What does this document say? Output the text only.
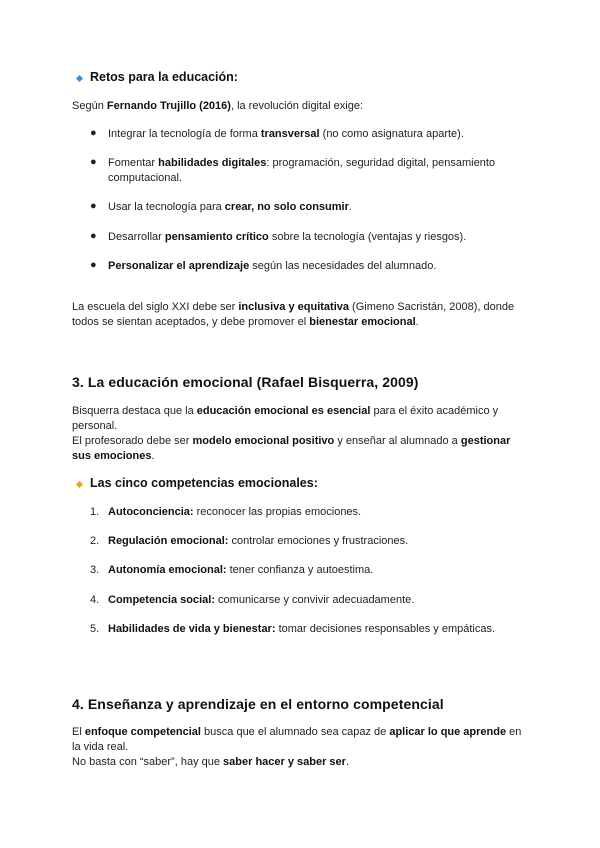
Retos para la educación:
Según Fernando Trujillo (2016), la revolución digital exige:
● Integrar la tecnología de forma transversal (no como asignatura aparte).
● Fomentar habilidades digitales: programación, seguridad digital, pensamiento
computacional.
● Usar la tecnología para crear, no solo consumir.
● Desarrollar pensamiento crítico sobre la tecnología (ventajas y riesgos).
● Personalizar el aprendizaje según las necesidades del alumnado.
La escuela del siglo XXI debe ser inclusiva y equitativa (Gimeno Sacristán, 2008), donde
todos se sientan aceptados, y debe promover el bienestar emocional.
3. La educación emocional (Rafael Bisquerra, 2009)
Bisquerra destaca que la educación emocional es esencial para el éxito académico y
personal.
El profesorado debe ser modelo emocional positivo y enseñar al alumnado a gestionar
sus emociones.
Las cinco competencias emocionales:
1. Autoconciencia: reconocer las propias emociones.
2. Regulación emocional: controlar emociones y frustraciones.
3. Autonomía emocional: tener confianza y autoestima.
4. Competencia social: comunicarse y convivir adecuadamente.
5. Habilidades de vida y bienestar: tomar decisiones responsables y empáticas.
4. Enseñanza y aprendizaje en el entorno competencial
El enfoque competencial busca que el alumnado sea capaz de aplicar lo que aprende en
la vida real.
No basta con “saber”, hay que saber hacer y saber ser.
